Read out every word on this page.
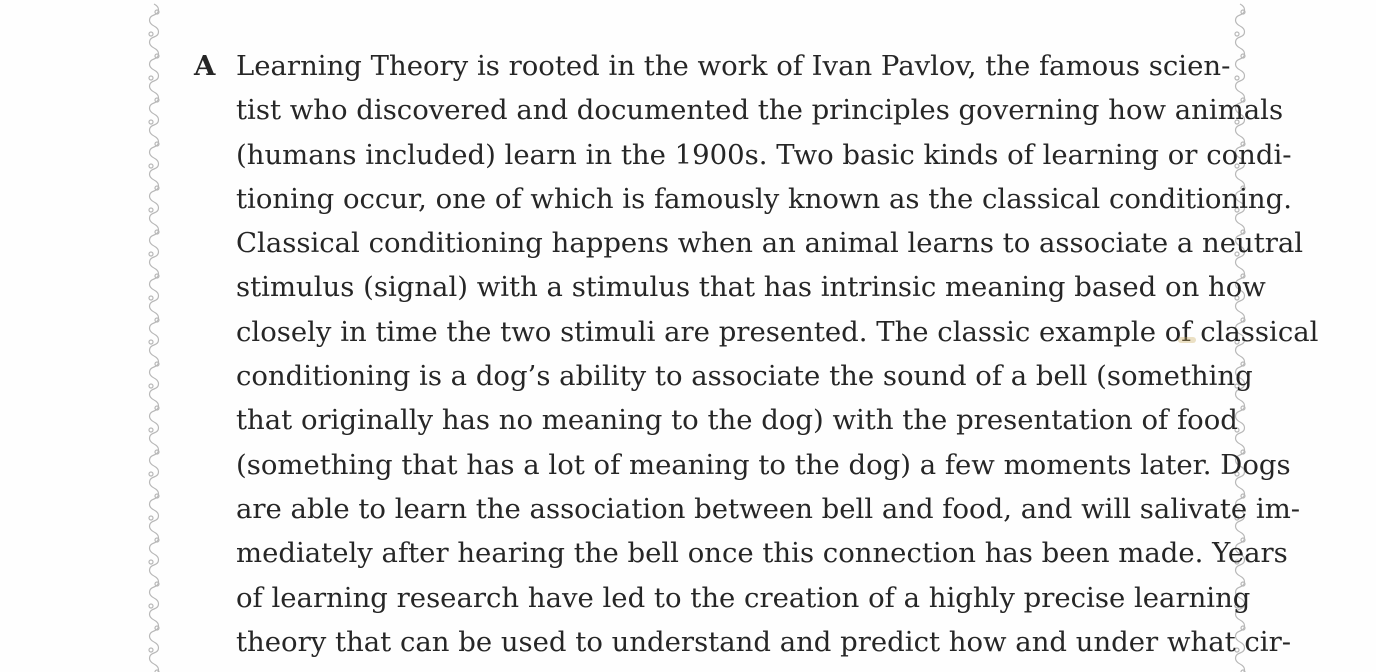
A Learning Theory is rooted in the work of Ivan Pavlov, the famous scien-
tist who discovered and documented the principles governing how animals
(humans included) learn in the 1900s. Two basic kinds of learning or condi-
tioning occur, one of which is famously known as the classical conditioning.
Classical conditioning happens when an animal learns to associate a neutral
stimulus (signal) with a stimulus that has intrinsic meaning based on how
closely in time the two stimuli are presented. The classic example of classical
conditioning is a dog’s ability to associate the sound of a bell (something
that originally has no meaning to the dog) with the presentation of food
(something that has a lot of meaning to the dog) a few moments later. Dogs
are able to learn the association between bell and food, and will salivate im-
mediately after hearing the bell once this connection has been made. Years
of learning research have led to the creation of a highly precise learning
theory that can be used to understand and predict how and under what cir-
